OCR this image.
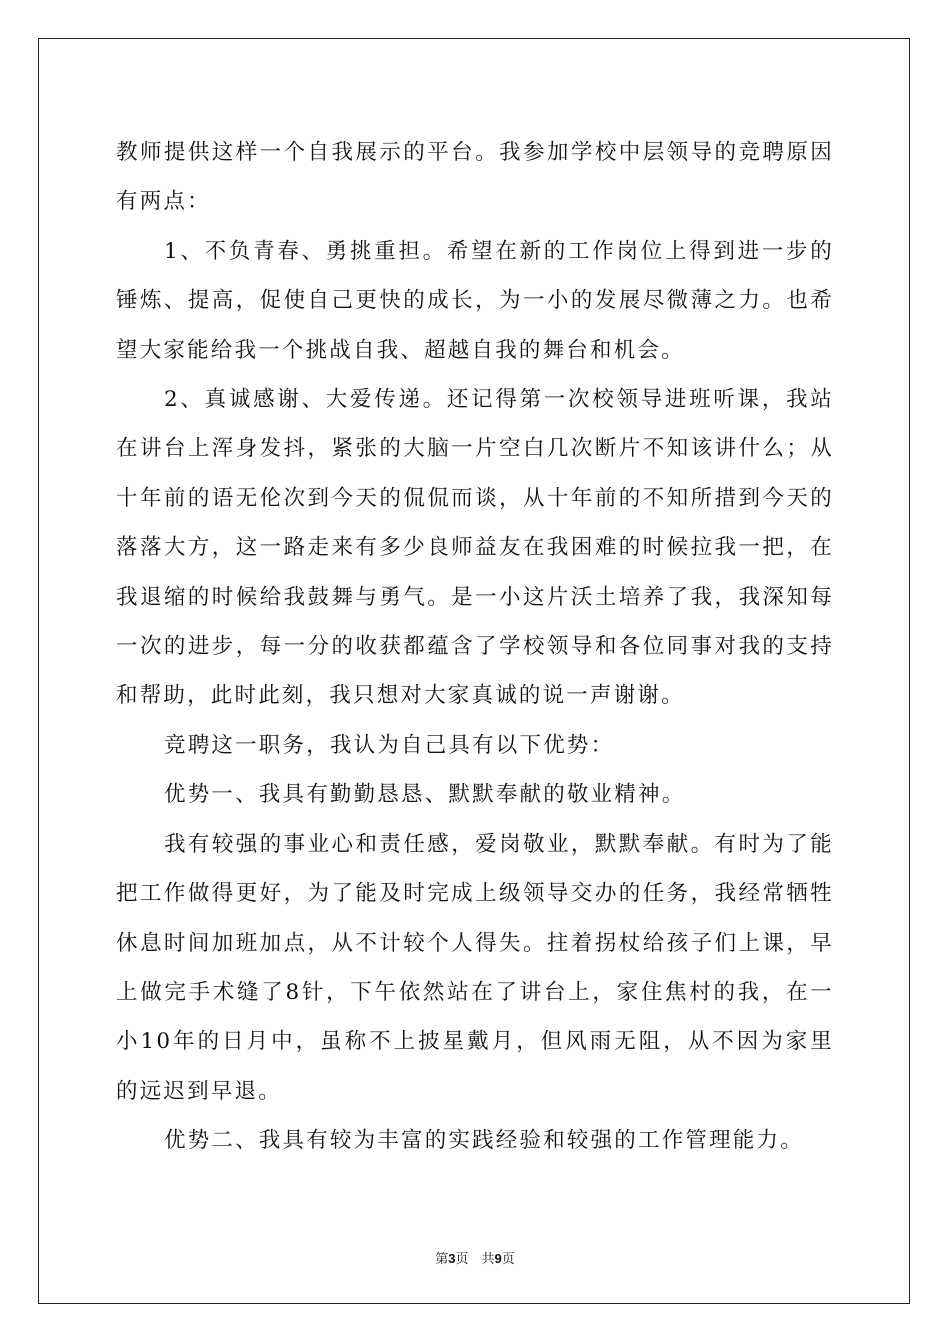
教师提供这样一个自我展示的平台。我参加学校中层领导的竞聘原因有两点：

1、不负青春、勇挑重担。希望在新的工作岗位上得到进一步的锤炼、提高，促使自己更快的成长，为一小的发展尽微薄之力。也希望大家能给我一个挑战自我、超越自我的舞台和机会。

2、真诚感谢、大爱传递。还记得第一次校领导进班听课，我站在讲台上浑身发抖，紧张的大脑一片空白几次断片不知该讲什么；从十年前的语无伦次到今天的侃侃而谈，从十年前的不知所措到今天的落落大方，这一路走来有多少良师益友在我困难的时候拉我一把，在我退缩的时候给我鼓舞与勇气。是一小这片沃土培养了我，我深知每一次的进步，每一分的收获都蕴含了学校领导和各位同事对我的支持和帮助，此时此刻，我只想对大家真诚的说一声谢谢。

竞聘这一职务，我认为自己具有以下优势：

优势一、我具有勤勤恳恳、默默奉献的敬业精神。

我有较强的事业心和责任感，爱岗敬业，默默奉献。有时为了能把工作做得更好，为了能及时完成上级领导交办的任务，我经常牺牲休息时间加班加点，从不计较个人得失。拄着拐杖给孩子们上课，早上做完手术缝了8针，下午依然站在了讲台上，家住焦村的我，在一小10年的日月中，虽称不上披星戴月，但风雨无阻，从不因为家里的远迟到早退。

优势二、我具有较为丰富的实践经验和较强的工作管理能力。

第3页　共9页
